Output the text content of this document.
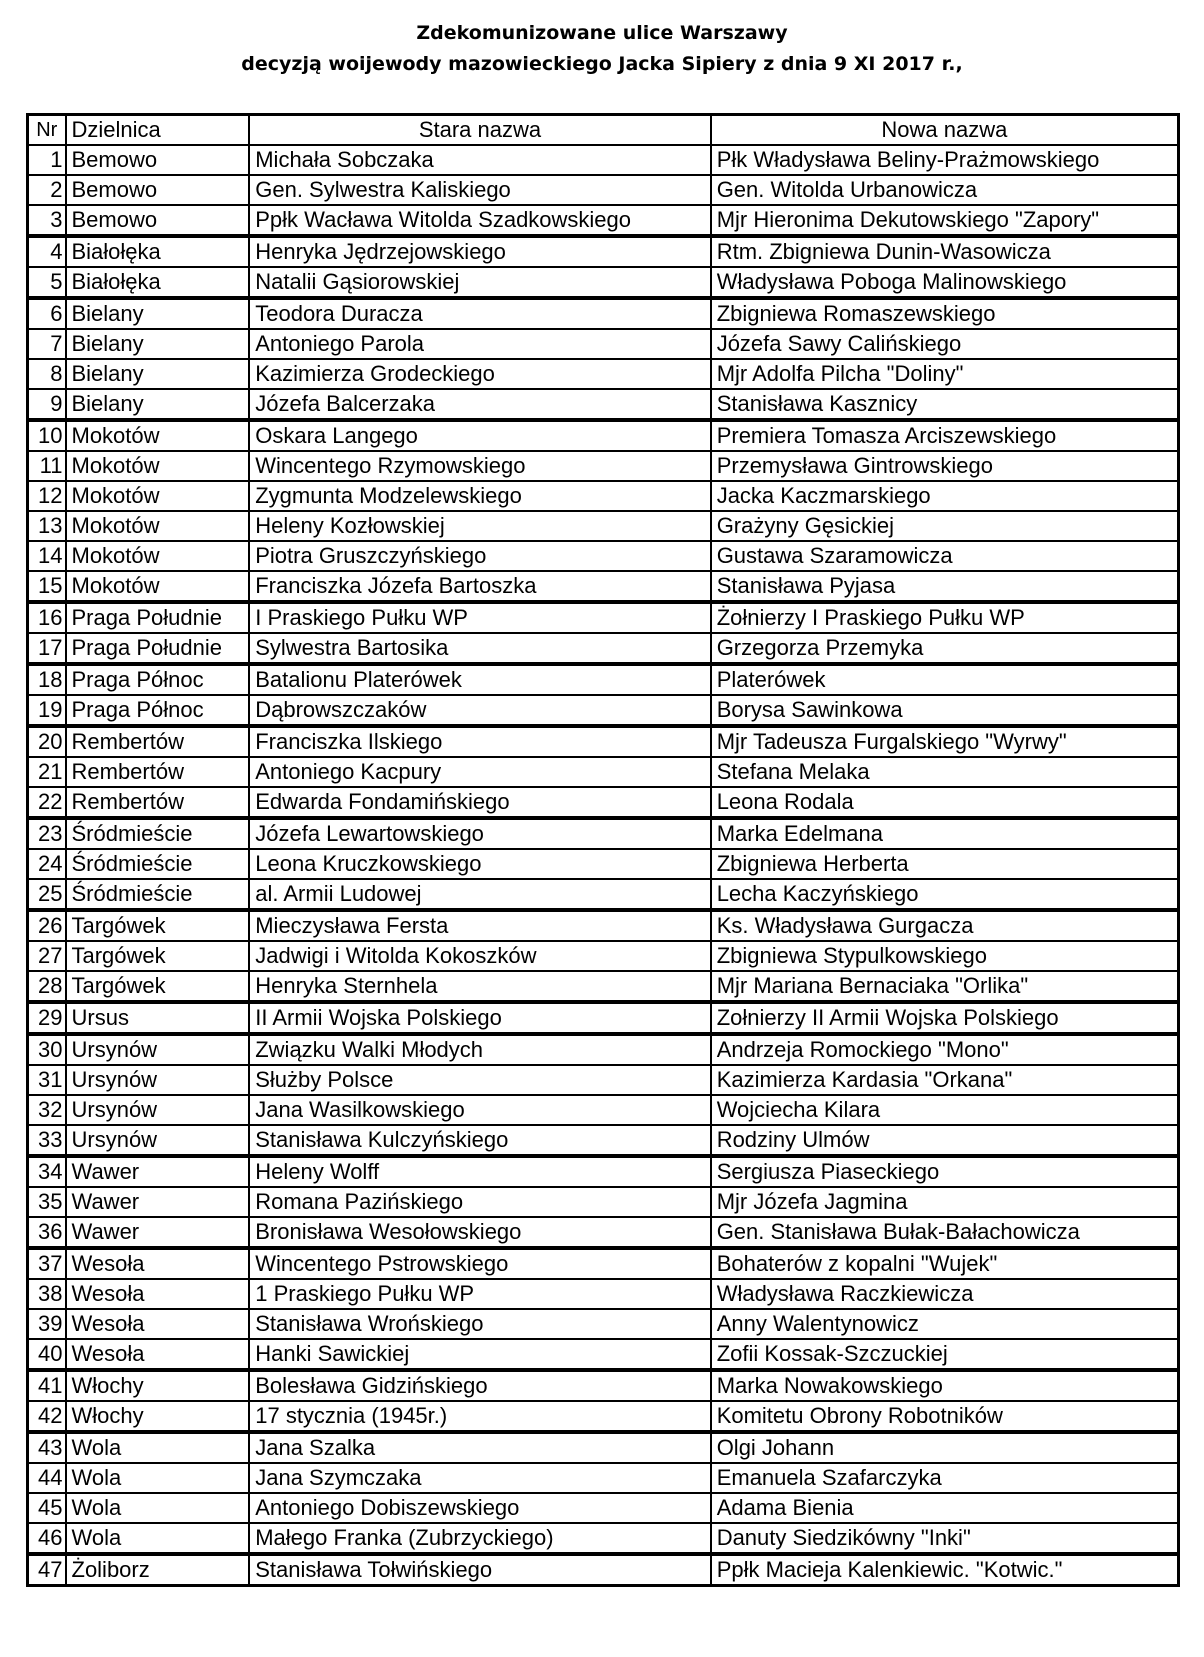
Zdekomunizowane ulice Warszawy
decyzją woijewody mazowieckiego Jacka Sipiery z dnia 9 XI 2017 r.,
Nr	Dzielnica	Stara nazwa	Nowa nazwa
1	Bemowo	Michała Sobczaka	Płk Władysława Beliny-Prażmowskiego
2	Bemowo	Gen. Sylwestra Kaliskiego	Gen. Witolda Urbanowicza
3	Bemowo	Ppłk Wacława Witolda Szadkowskiego	Mjr Hieronima Dekutowskiego "Zapory"
4	Białołęka	Henryka Jędrzejowskiego	Rtm. Zbigniewa Dunin-Wasowicza
5	Białołęka	Natalii Gąsiorowskiej	Władysława Poboga Malinowskiego
6	Bielany	Teodora Duracza	Zbigniewa Romaszewskiego
7	Bielany	Antoniego Parola	Józefa Sawy Calińskiego
8	Bielany	Kazimierza Grodeckiego	Mjr Adolfa Pilcha "Doliny"
9	Bielany	Józefa Balcerzaka	Stanisława Kasznicy
10	Mokotów	Oskara Langego	Premiera Tomasza Arciszewskiego
11	Mokotów	Wincentego Rzymowskiego	Przemysława Gintrowskiego
12	Mokotów	Zygmunta Modzelewskiego	Jacka Kaczmarskiego
13	Mokotów	Heleny Kozłowskiej	Grażyny Gęsickiej
14	Mokotów	Piotra Gruszczyńskiego	Gustawa Szaramowicza
15	Mokotów	Franciszka Józefa Bartoszka	Stanisława Pyjasa
16	Praga Południe	I Praskiego Pułku WP	Żołnierzy I Praskiego Pułku WP
17	Praga Południe	Sylwestra Bartosika	Grzegorza Przemyka
18	Praga Północ	Batalionu Platerówek	Platerówek
19	Praga Północ	Dąbrowszczaków	Borysa Sawinkowa
20	Rembertów	Franciszka Ilskiego	Mjr Tadeusza Furgalskiego "Wyrwy"
21	Rembertów	Antoniego Kacpury	Stefana Melaka
22	Rembertów	Edwarda Fondamińskiego	Leona Rodala
23	Śródmieście	Józefa Lewartowskiego	Marka Edelmana
24	Śródmieście	Leona Kruczkowskiego	Zbigniewa Herberta
25	Śródmieście	al. Armii Ludowej	Lecha Kaczyńskiego
26	Targówek	Mieczysława Fersta	Ks. Władysława Gurgacza
27	Targówek	Jadwigi i Witolda Kokoszków	Zbigniewa Stypulkowskiego
28	Targówek	Henryka Sternhela	Mjr Mariana Bernaciaka "Orlika"
29	Ursus	II Armii Wojska Polskiego	Zołnierzy II Armii Wojska Polskiego
30	Ursynów	Związku Walki Młodych	Andrzeja Romockiego "Mono"
31	Ursynów	Służby Polsce	Kazimierza Kardasia "Orkana"
32	Ursynów	Jana Wasilkowskiego	Wojciecha Kilara
33	Ursynów	Stanisława Kulczyńskiego	Rodziny Ulmów
34	Wawer	Heleny Wolff	Sergiusza Piaseckiego
35	Wawer	Romana Pazińskiego	Mjr Józefa Jagmina
36	Wawer	Bronisława Wesołowskiego	Gen. Stanisława Bułak-Bałachowicza
37	Wesoła	Wincentego Pstrowskiego	Bohaterów z kopalni "Wujek"
38	Wesoła	1 Praskiego Pułku WP	Władysława Raczkiewicza
39	Wesoła	Stanisława Wrońskiego	Anny Walentynowicz
40	Wesoła	Hanki Sawickiej	Zofii Kossak-Szczuckiej
41	Włochy	Bolesława Gidzińskiego	Marka Nowakowskiego
42	Włochy	17 stycznia (1945r.)	Komitetu Obrony Robotników
43	Wola	Jana Szalka	Olgi Johann
44	Wola	Jana Szymczaka	Emanuela Szafarczyka
45	Wola	Antoniego Dobiszewskiego	Adama Bienia
46	Wola	Małego Franka (Zubrzyckiego)	Danuty Siedzikówny "Inki"
47	Żoliborz	Stanisława Tołwińskiego	Ppłk Macieja Kalenkiewic. "Kotwic."
